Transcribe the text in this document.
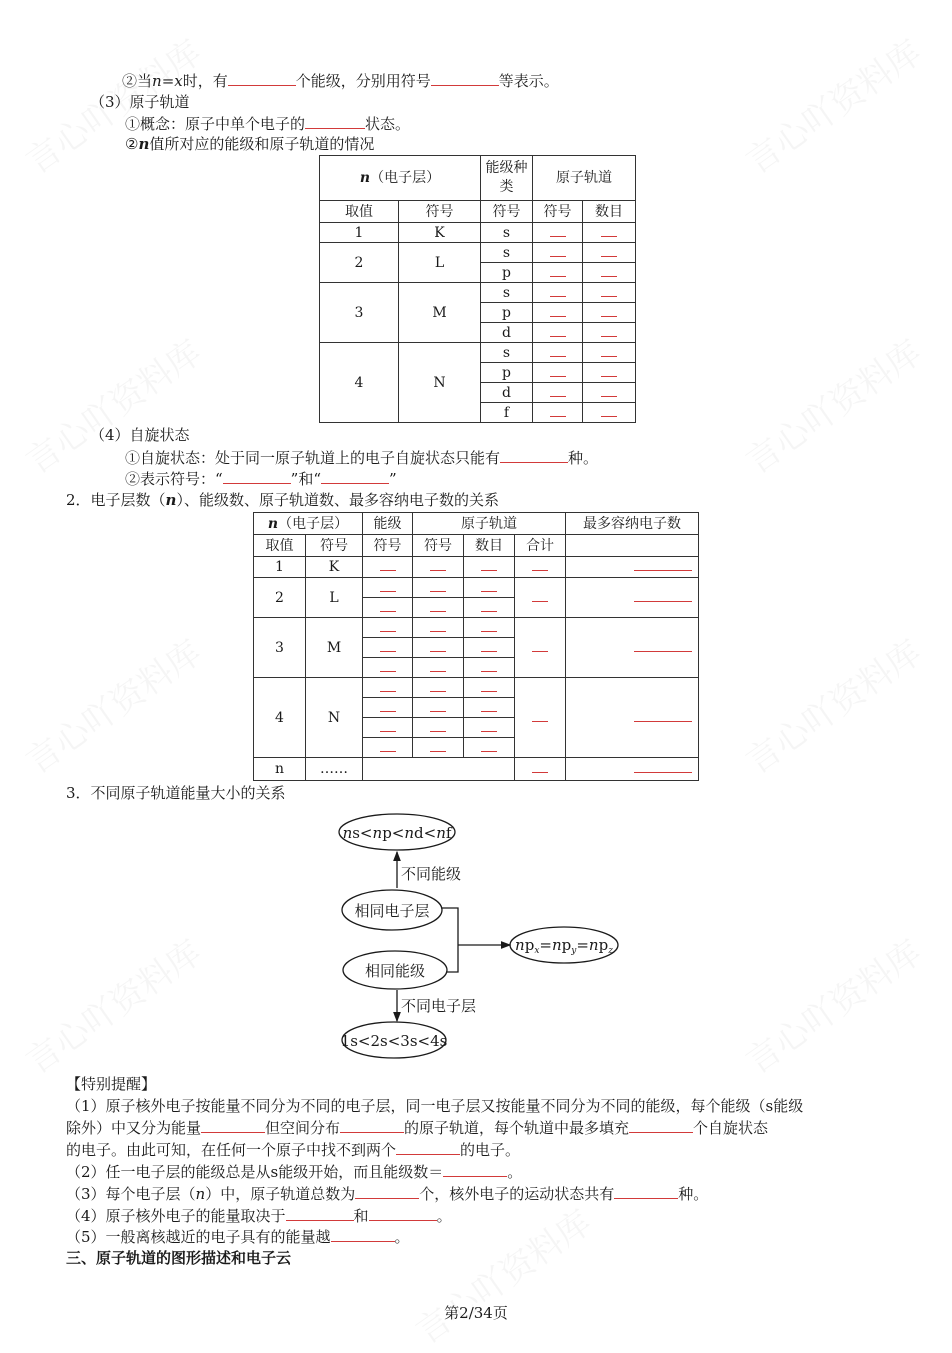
②当n=x时，有	个能级，分别用符号	等表示。
（3）原子轨道
①概念：原子中单个电子的	状态。
②n值所对应的能级和原子轨道的情况
n（电子层）		能级种类	原子轨道	
取值	符号	符号	符号	数目
1	K	s		
2	L	s		
		p		
3	M	s		
		p		
		d		
4	N	s		
		p		
		d		
		f		
（4）自旋状态
①自旋状态：处于同一原子轨道上的电子自旋状态只能有	种。
②表示符号：“	”和“	”
2．电子层数（n）、能级数、原子轨道数、最多容纳电子数的关系
n（电子层）		能级	原子轨道			最多容纳电子数
取值	符号	符号	符号	数目	合计	
1	K					
2	L					

3	M					

4	N					

n	……					
3．不同原子轨道能量大小的关系
ns<np<nd<nf
不同能级
相同电子层
相同能级
$np_x=np_y=np_z$
不同电子层
1s<2s<3s<4s
【特别提醒】
（1）原子核外电子按能量不同分为不同的电子层，同一电子层又按能量不同分为不同的能级，每个能级（s能级
除外）中又分为能量	但空间分布	的原子轨道，每个轨道中最多填充	个自旋状态
的电子。由此可知，在任何一个原子中找不到两个	的电子。
（2）任一电子层的能级总是从s能级开始，而且能级数＝	。
（3）每个电子层（n）中，原子轨道总数为	个，核外电子的运动状态共有	种。
（4）原子核外电子的能量取决于	和	。
（5）一般离核越近的电子具有的能量越	。
三、原子轨道的图形描述和电子云
第2/34页
